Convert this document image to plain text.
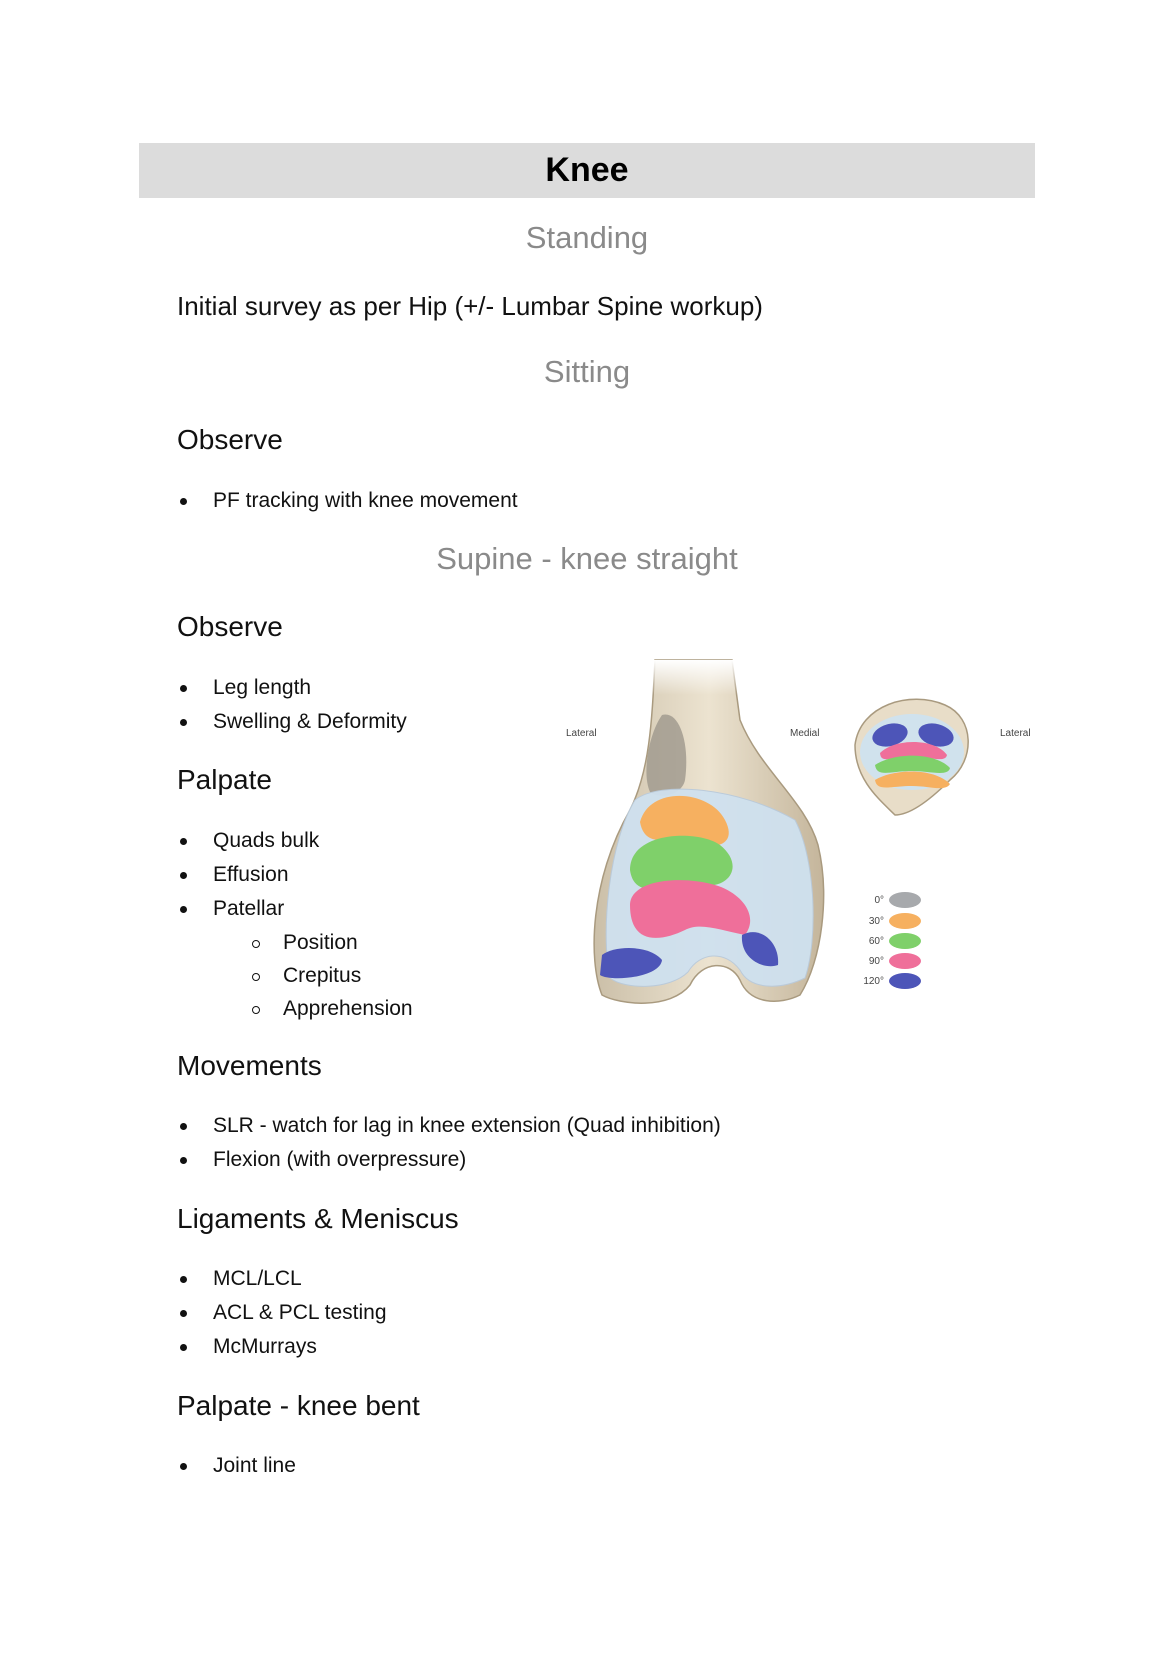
Knee
Standing
Initial survey as per Hip (+/- Lumbar Spine workup)
Sitting
Observe
PF tracking with knee movement
Supine - knee straight
Observe
Leg length
Swelling & Deformity
Palpate
Quads bulk
Effusion
Patellar
Position
Crepitus
Apprehension
Movements
SLR - watch for lag in knee extension (Quad inhibition)
Flexion (with overpressure)
Ligaments & Meniscus
MCL/LCL
ACL & PCL testing
McMurrays
Palpate - knee bent
Joint line
Lateral	Medial	Lateral
0°
30°
60°
90°
120°
